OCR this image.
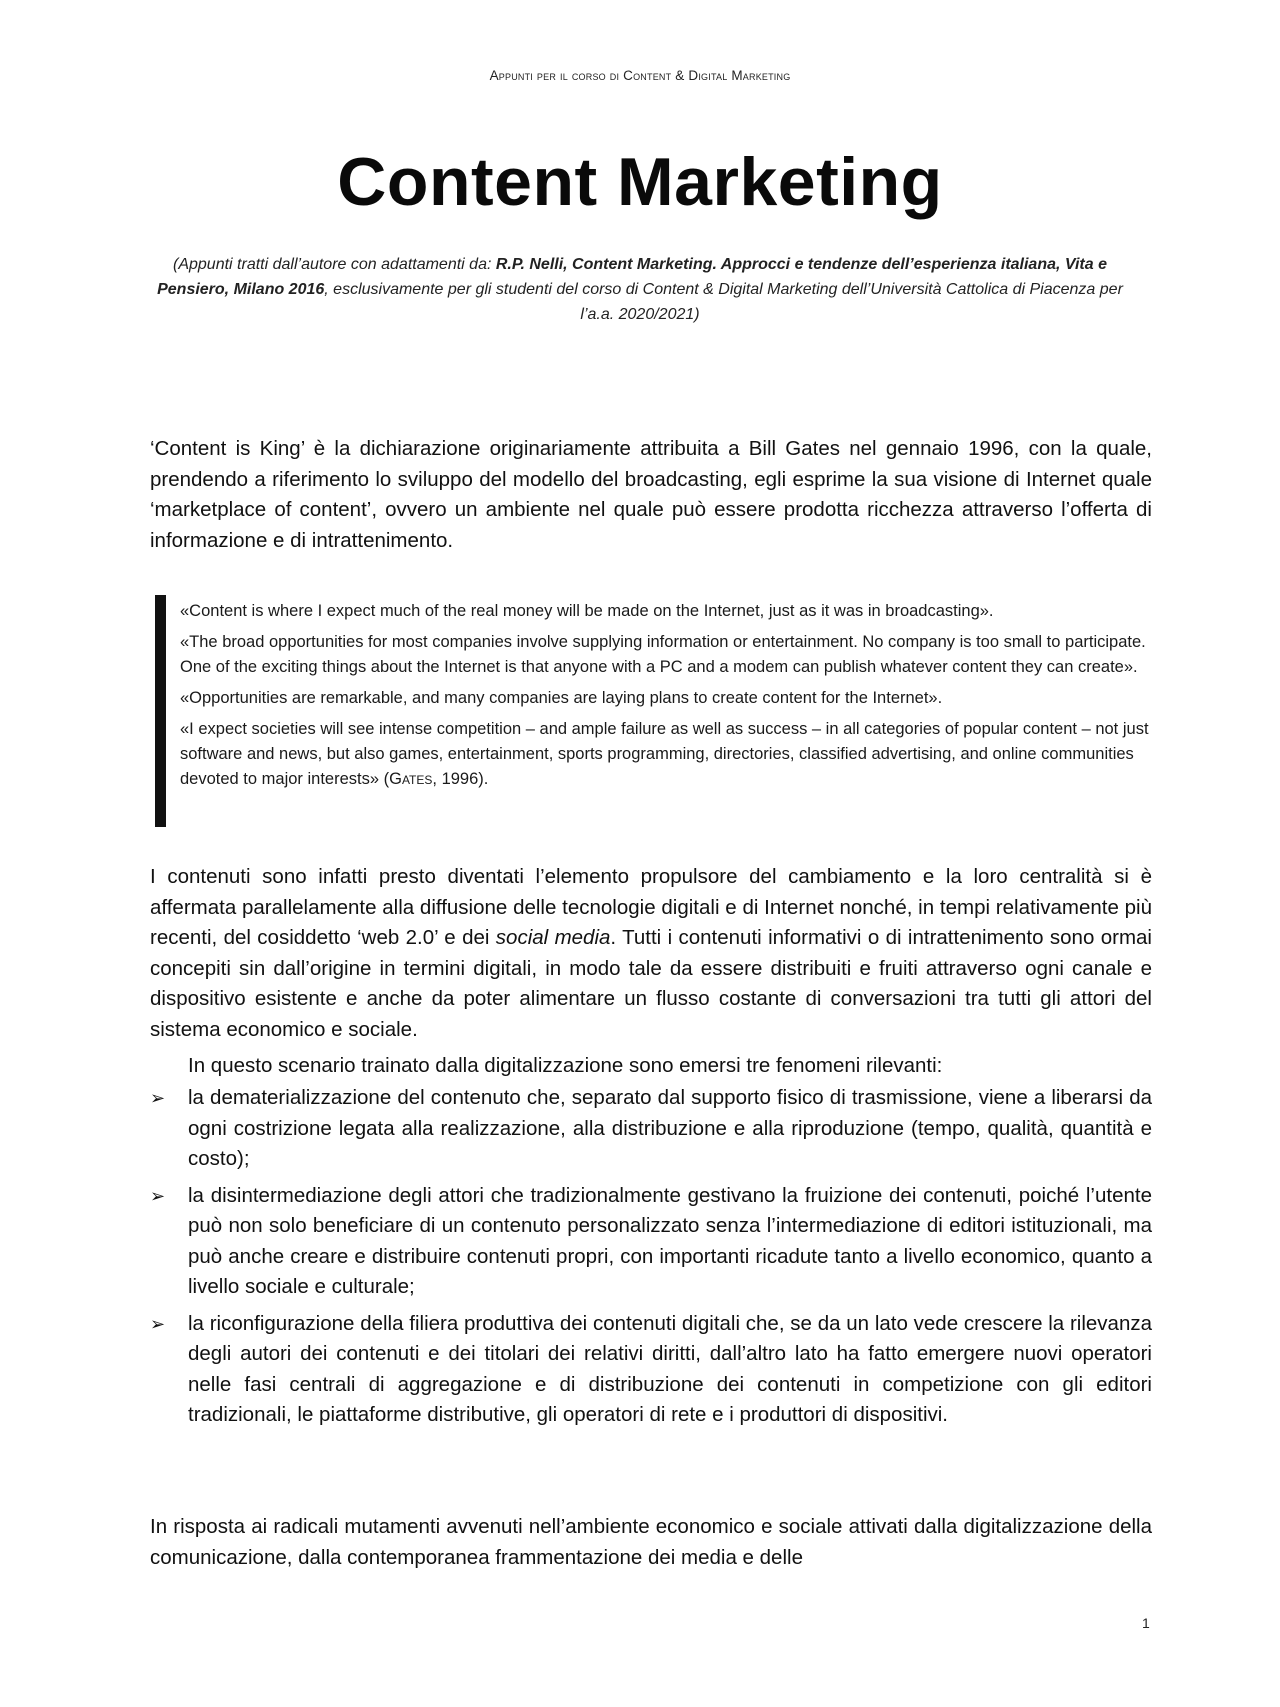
Appunti per il corso di Content & Digital Marketing
Content Marketing
(Appunti tratti dall’autore con adattamenti da: R.P. Nelli, Content Marketing. Approcci e tendenze dell’esperienza italiana, Vita e Pensiero, Milano 2016, esclusivamente per gli studenti del corso di Content & Digital Marketing dell’Università Cattolica di Piacenza per l’a.a. 2020/2021)
‘Content is King’ è la dichiarazione originariamente attribuita a Bill Gates nel gennaio 1996, con la quale, prendendo a riferimento lo sviluppo del modello del broadcasting, egli esprime la sua visione di Internet quale ‘marketplace of content’, ovvero un ambiente nel quale può essere prodotta ricchezza attraverso l’offerta di informazione e di intrattenimento.

«Content is where I expect much of the real money will be made on the Internet, just as it was in broadcasting».

«The broad opportunities for most companies involve supplying information or entertainment. No company is too small to participate. One of the exciting things about the Internet is that anyone with a PC and a modem can publish whatever content they can create».

«Opportunities are remarkable, and many companies are laying plans to create content for the Internet».

«I expect societies will see intense competition – and ample failure as well as success – in all categories of popular content – not just software and news, but also games, entertainment, sports programming, directories, classified advertising, and online communities devoted to major interests» (Gates, 1996).

I contenuti sono infatti presto diventati l’elemento propulsore del cambiamento e la loro centralità si è affermata parallelamente alla diffusione delle tecnologie digitali e di Internet nonché, in tempi relativamente più recenti, del cosiddetto ‘web 2.0’ e dei social media. Tutti i contenuti informativi o di intrattenimento sono ormai concepiti sin dall’origine in termini digitali, in modo tale da essere distribuiti e fruiti attraverso ogni canale e dispositivo esistente e anche da poter alimentare un flusso costante di conversazioni tra tutti gli attori del sistema economico e sociale.
In questo scenario trainato dalla digitalizzazione sono emersi tre fenomeni rilevanti:
➢ la dematerializzazione del contenuto che, separato dal supporto fisico di trasmissione, viene a liberarsi da ogni costrizione legata alla realizzazione, alla distribuzione e alla riproduzione (tempo, qualità, quantità e costo);
➢ la disintermediazione degli attori che tradizionalmente gestivano la fruizione dei contenuti, poiché l’utente può non solo beneficiare di un contenuto personalizzato senza l’intermediazione di editori istituzionali, ma può anche creare e distribuire contenuti propri, con importanti ricadute tanto a livello economico, quanto a livello sociale e culturale;
➢ la riconfigurazione della filiera produttiva dei contenuti digitali che, se da un lato vede crescere la rilevanza degli autori dei contenuti e dei titolari dei relativi diritti, dall’altro lato ha fatto emergere nuovi operatori nelle fasi centrali di aggregazione e di distribuzione dei contenuti in competizione con gli editori tradizionali, le piattaforme distributive, gli operatori di rete e i produttori di dispositivi.
In risposta ai radicali mutamenti avvenuti nell’ambiente economico e sociale attivati dalla digitalizzazione della comunicazione, dalla contemporanea frammentazione dei media e delle
1
